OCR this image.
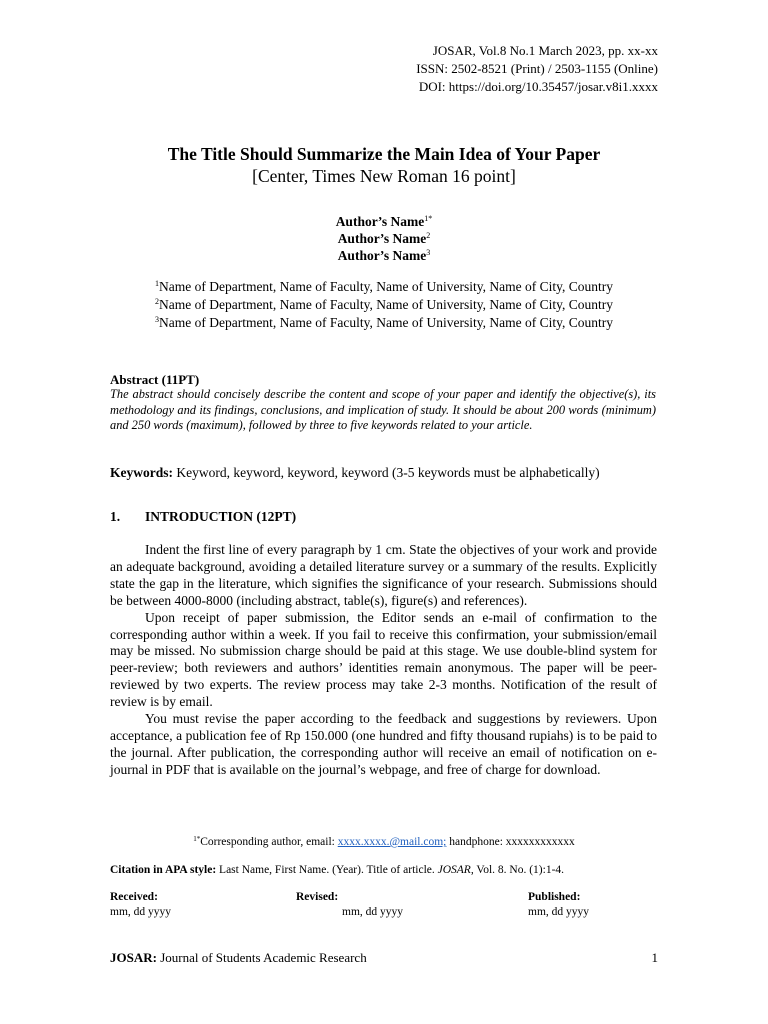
JOSAR, Vol.8 No.1 March 2023, pp. xx-xx
ISSN: 2502-8521 (Print) / 2503-1155 (Online)
DOI: https://doi.org/10.35457/josar.v8i1.xxxx
The Title Should Summarize the Main Idea of Your Paper
[Center, Times New Roman 16 point]
Author’s Name$^{1*}$
Author’s Name$^2$
Author’s Name$^3$
$^1$Name of Department, Name of Faculty, Name of University, Name of City, Country
$^2$Name of Department, Name of Faculty, Name of University, Name of City, Country
$^3$Name of Department, Name of Faculty, Name of University, Name of City, Country
Abstract (11PT)
The abstract should concisely describe the content and scope of your paper and identify the objective(s), its methodology and its findings, conclusions, and implication of study. It should be about 200 words (minimum) and 250 words (maximum), followed by three to five keywords related to your article.
Keywords: Keyword, keyword, keyword, keyword (3-5 keywords must be alphabetically)
1. INTRODUCTION (12PT)

Indent the first line of every paragraph by 1 cm. State the objectives of your work and provide an adequate background, avoiding a detailed literature survey or a summary of the results. Explicitly state the gap in the literature, which signifies the significance of your research. Submissions should be between 4000-8000 (including abstract, table(s), figure(s) and references).

Upon receipt of paper submission, the Editor sends an e-mail of confirmation to the corresponding author within a week. If you fail to receive this confirmation, your submission/email may be missed. No submission charge should be paid at this stage. We use double-blind system for peer-review; both reviewers and authors’ identities remain anonymous. The paper will be peer-reviewed by two experts. The review process may take 2-3 months. Notification of the result of review is by email.

You must revise the paper according to the feedback and suggestions by reviewers. Upon acceptance, a publication fee of Rp 150.000 (one hundred and fifty thousand rupiahs) is to be paid to the journal. After publication, the corresponding author will receive an email of notification on e-journal in PDF that is available on the journal’s webpage, and free of charge for download.

$^{1*}$Corresponding author, email: xxxx.xxxx.@mail.com; handphone: xxxxxxxxxxxx
Citation in APA style: Last Name, First Name. (Year). Title of article. JOSAR, Vol. 8. No. (1):1-4.
Received:
mm, dd yyyy
Revised:
mm, dd yyyy
Published:
mm, dd yyyy
JOSAR: Journal of Students Academic Research	1
